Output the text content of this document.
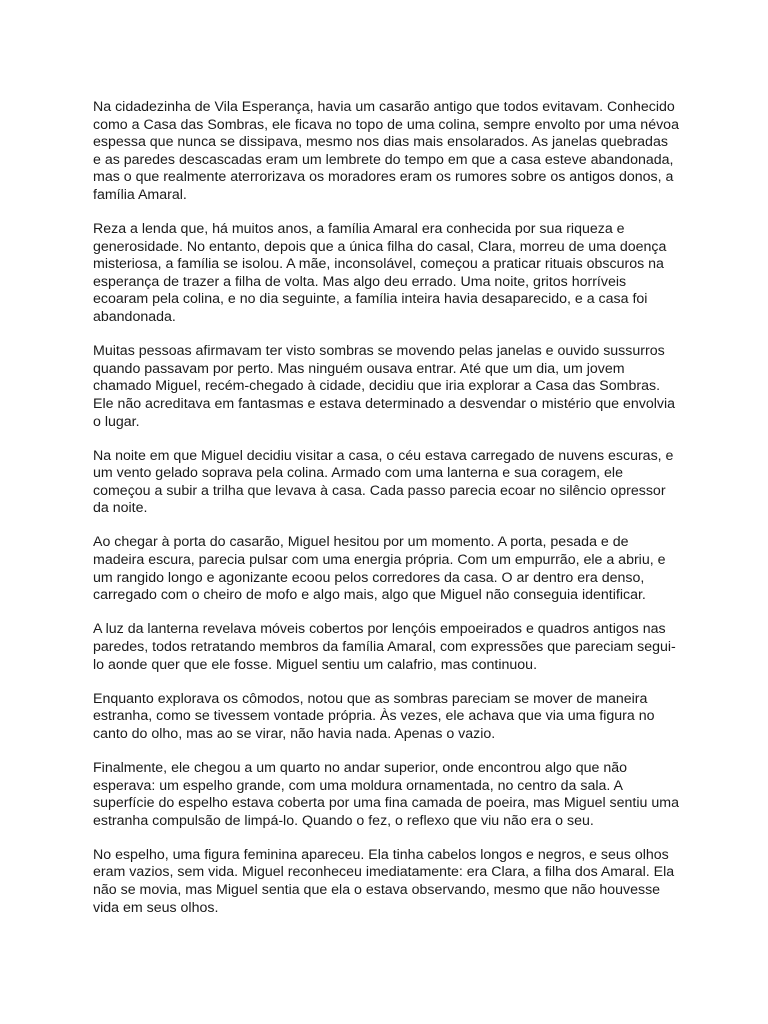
Na cidadezinha de Vila Esperança, havia um casarão antigo que todos evitavam. Conhecido como a Casa das Sombras, ele ficava no topo de uma colina, sempre envolto por uma névoa espessa que nunca se dissipava, mesmo nos dias mais ensolarados. As janelas quebradas e as paredes descascadas eram um lembrete do tempo em que a casa esteve abandonada, mas o que realmente aterrorizava os moradores eram os rumores sobre os antigos donos, a família Amaral.

Reza a lenda que, há muitos anos, a família Amaral era conhecida por sua riqueza e generosidade. No entanto, depois que a única filha do casal, Clara, morreu de uma doença misteriosa, a família se isolou. A mãe, inconsolável, começou a praticar rituais obscuros na esperança de trazer a filha de volta. Mas algo deu errado. Uma noite, gritos horríveis ecoaram pela colina, e no dia seguinte, a família inteira havia desaparecido, e a casa foi abandonada.

Muitas pessoas afirmavam ter visto sombras se movendo pelas janelas e ouvido sussurros quando passavam por perto. Mas ninguém ousava entrar. Até que um dia, um jovem chamado Miguel, recém-chegado à cidade, decidiu que iria explorar a Casa das Sombras. Ele não acreditava em fantasmas e estava determinado a desvendar o mistério que envolvia o lugar.

Na noite em que Miguel decidiu visitar a casa, o céu estava carregado de nuvens escuras, e um vento gelado soprava pela colina. Armado com uma lanterna e sua coragem, ele começou a subir a trilha que levava à casa. Cada passo parecia ecoar no silêncio opressor da noite.

Ao chegar à porta do casarão, Miguel hesitou por um momento. A porta, pesada e de madeira escura, parecia pulsar com uma energia própria. Com um empurrão, ele a abriu, e um rangido longo e agonizante ecoou pelos corredores da casa. O ar dentro era denso, carregado com o cheiro de mofo e algo mais, algo que Miguel não conseguia identificar.

A luz da lanterna revelava móveis cobertos por lençóis empoeirados e quadros antigos nas paredes, todos retratando membros da família Amaral, com expressões que pareciam segui-lo aonde quer que ele fosse. Miguel sentiu um calafrio, mas continuou.

Enquanto explorava os cômodos, notou que as sombras pareciam se mover de maneira estranha, como se tivessem vontade própria. Às vezes, ele achava que via uma figura no canto do olho, mas ao se virar, não havia nada. Apenas o vazio.

Finalmente, ele chegou a um quarto no andar superior, onde encontrou algo que não esperava: um espelho grande, com uma moldura ornamentada, no centro da sala. A superfície do espelho estava coberta por uma fina camada de poeira, mas Miguel sentiu uma estranha compulsão de limpá-lo. Quando o fez, o reflexo que viu não era o seu.

No espelho, uma figura feminina apareceu. Ela tinha cabelos longos e negros, e seus olhos eram vazios, sem vida. Miguel reconheceu imediatamente: era Clara, a filha dos Amaral. Ela não se movia, mas Miguel sentia que ela o estava observando, mesmo que não houvesse vida em seus olhos.
